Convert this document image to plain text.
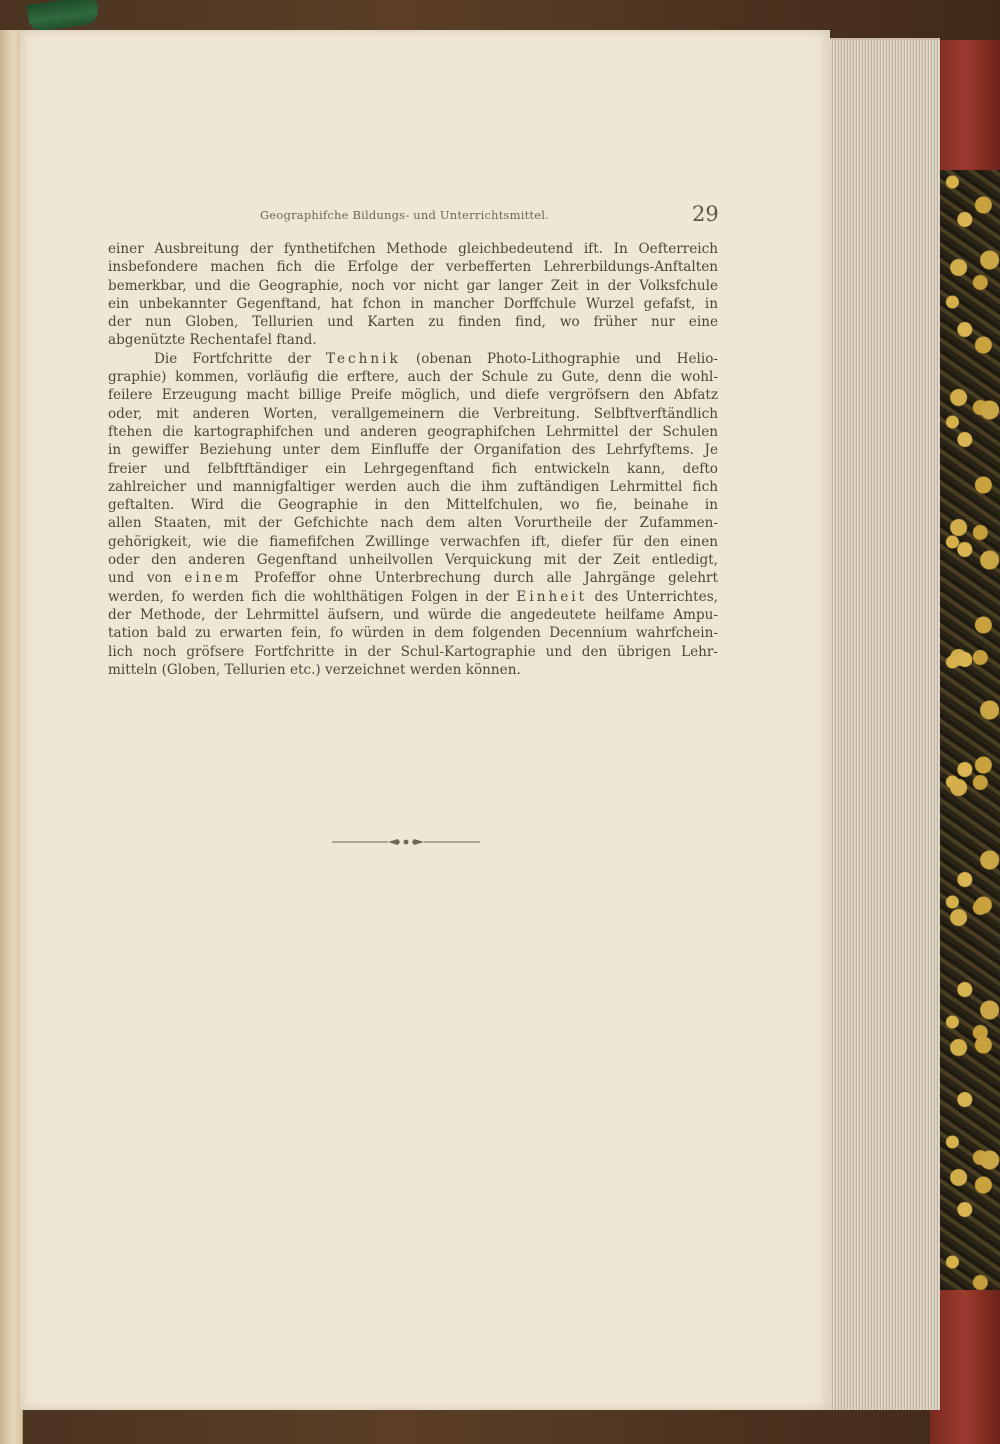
Geographifche Bildungs- und Unterrichtsmittel.	29

einer Ausbreitung der fynthetifchen Methode gleichbedeutend ift. In Oefterreich
insbefondere machen fich die Erfolge der verbefferten Lehrerbildungs-Anftalten
bemerkbar, und die Geographie, noch vor nicht gar langer Zeit in der Volksfchule
ein unbekannter Gegenftand, hat fchon in mancher Dorffchule Wurzel gefafst, in
der nun Globen, Tellurien und Karten zu finden find, wo früher nur eine
abgenützte Rechentafel ftand.

Die Fortfchritte der Technik (obenan Photo-Lithographie und Helio-
graphie) kommen, vorläufig die erftere, auch der Schule zu Gute, denn die wohl-
feilere Erzeugung macht billige Preife möglich, und diefe vergröfsern den Abfatz
oder, mit anderen Worten, verallgemeinern die Verbreitung. Selbftverftändlich
ftehen die kartographifchen und anderen geographifchen Lehrmittel der Schulen
in gewiffer Beziehung unter dem Einfluffe der Organifation des Lehrfyftems. Je
freier und felbftftändiger ein Lehrgegenftand fich entwickeln kann, defto
zahlreicher und mannigfaltiger werden auch die ihm zuftändigen Lehrmittel fich
geftalten. Wird die Geographie in den Mittelfchulen, wo fie, beinahe in
allen Staaten, mit der Gefchichte nach dem alten Vorurtheile der Zufammen-
gehörigkeit, wie die fiamefifchen Zwillinge verwachfen ift, diefer für den einen
oder den anderen Gegenftand unheilvollen Verquickung mit der Zeit entledigt,
und von einem Profeffor ohne Unterbrechung durch alle Jahrgänge gelehrt
werden, fo werden fich die wohlthätigen Folgen in der Einheit des Unterrichtes,
der Methode, der Lehrmittel äufsern, und würde die angedeutete heilfame Ampu-
tation bald zu erwarten fein, fo würden in dem folgenden Decennium wahrfchein-
lich noch gröfsere Fortfchritte in der Schul-Kartographie und den übrigen Lehr-
mitteln (Globen, Tellurien etc.) verzeichnet werden können.
